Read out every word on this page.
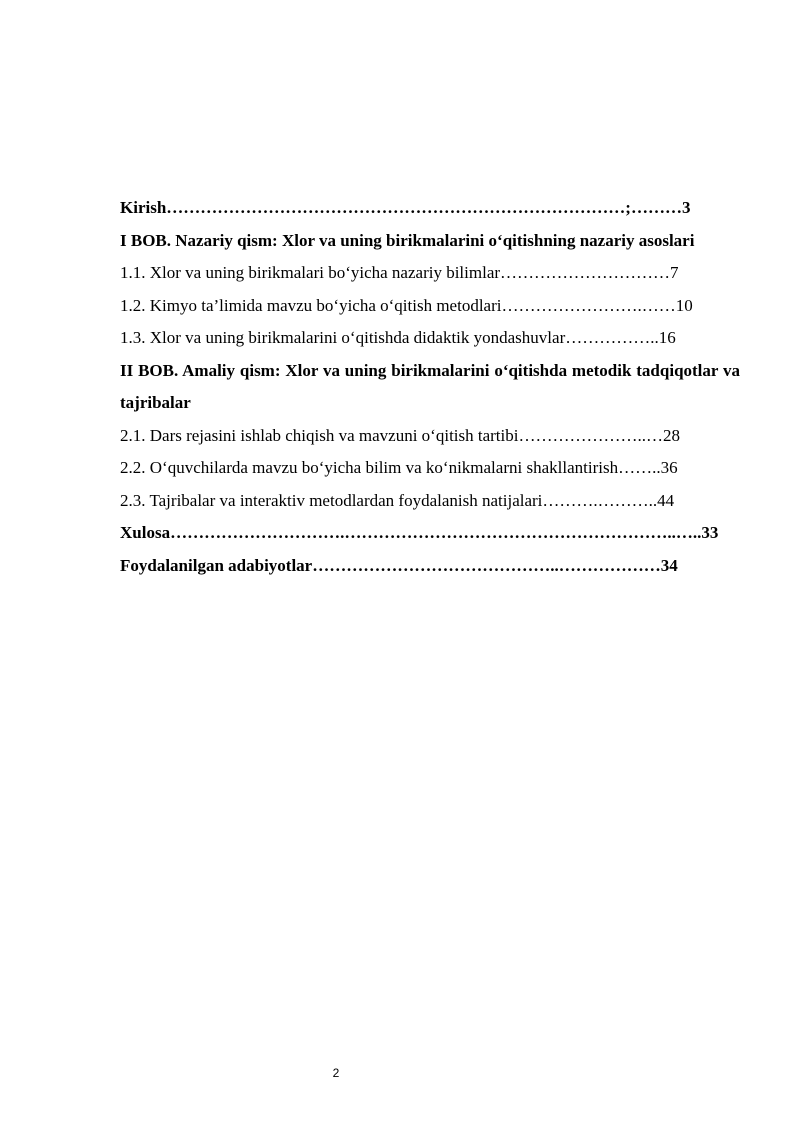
Kirish………………………………………………………………………;………3
I BOB. Nazariy qism: Xlor va uning birikmalarini oʻqitishning nazariy asoslari
1.1. Xlor va uning birikmalari boʻyicha nazariy bilimlar…………………………7
1.2. Kimyo ta’limida mavzu boʻyicha oʻqitish metodlari…………………….……10
1.3. Xlor va uning birikmalarini oʻqitishda didaktik yondashuvlar……………..16
II BOB. Amaliy qism: Xlor va uning birikmalarini oʻqitishda metodik tadqiqotlar va tajribalar
2.1. Dars rejasini ishlab chiqish va mavzuni oʻqitish tartibi…………………..…28
2.2. Oʻquvchilarda mavzu boʻyicha bilim va koʻnikmalarni shakllantirish……..36
2.3. Tajribalar va interaktiv metodlardan foydalanish natijalari……….………..44
Xulosa………………………….…………………………………………………..…..33
Foydalanilgan adabiyotlar……………………………………..………………34
2
